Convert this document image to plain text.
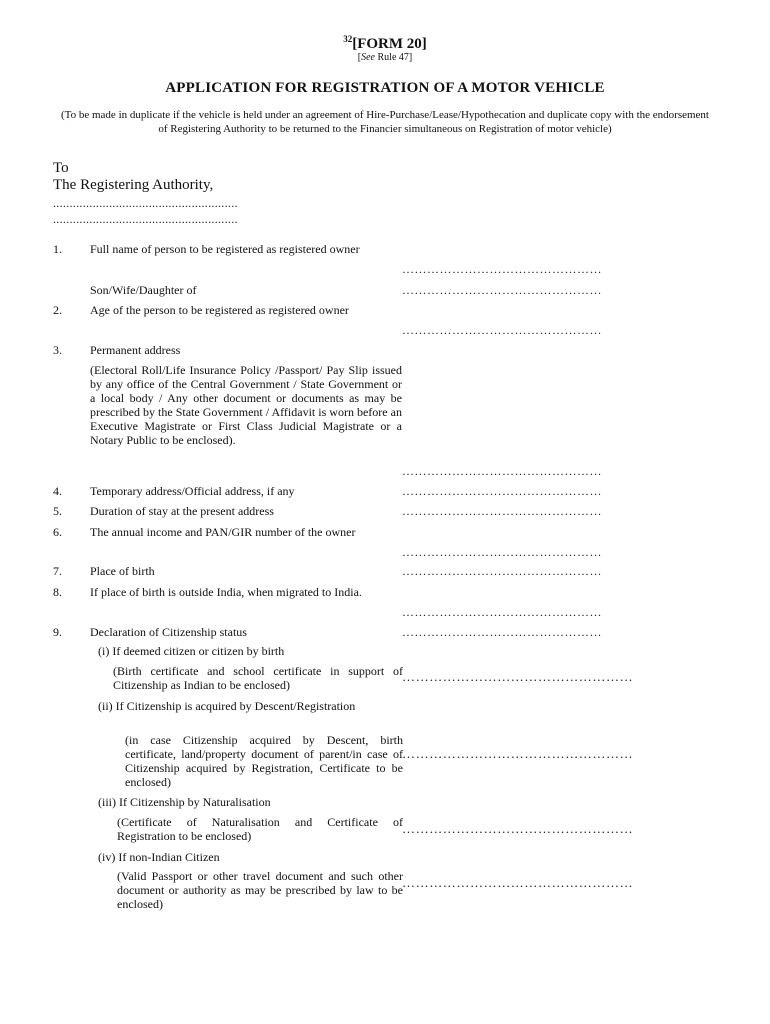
$^{32}$[FORM 20]
[See Rule 47]
APPLICATION FOR REGISTRATION OF A MOTOR VEHICLE
(To be made in duplicate if the vehicle is held under an agreement of Hire-Purchase/Lease/Hypothecation and duplicate copy with the endorsement of Registering Authority to be returned to the Financier simultaneous on Registration of motor vehicle)
To
The Registering Authority,
........................................................
........................................................
1. Full name of person to be registered as registered owner
…………………………………………
Son/Wife/Daughter of	…………………………………………
2. Age of the person to be registered as registered owner
…………………………………………
3. Permanent address
(Electoral Roll/Life Insurance Policy /Passport/ Pay Slip issued by any office of the Central Government / State Government or a local body / Any other document or documents as may be prescribed by the State Government / Affidavit is worn before an Executive Magistrate or First Class Judicial Magistrate or a Notary Public to be enclosed).
…………………………………………
4. Temporary address/Official address, if any	…………………………………………
5. Duration of stay at the present address	…………………………………………
6. The annual income and PAN/GIR number of the owner
…………………………………………
7. Place of birth	…………………………………………
8. If place of birth is outside India, when migrated to India.
…………………………………………
9. Declaration of Citizenship status	…………………………………………
(i) If deemed citizen or citizen by birth
(Birth certificate and school certificate in support of Citizenship as Indian to be enclosed)
……………………………………………
(ii) If Citizenship is acquired by Descent/Registration
(in case Citizenship acquired by Descent, birth certificate, land/property document of parent/in case of Citizenship acquired by Registration, Certificate to be enclosed)
……………………………………………
(iii) If Citizenship by Naturalisation
(Certificate of Naturalisation and Certificate of Registration to be enclosed)	……………………………………………
(iv) If non-Indian Citizen
(Valid Passport or other travel document and such other document or authority as may be prescribed by law to be enclosed)
……………………………………………
